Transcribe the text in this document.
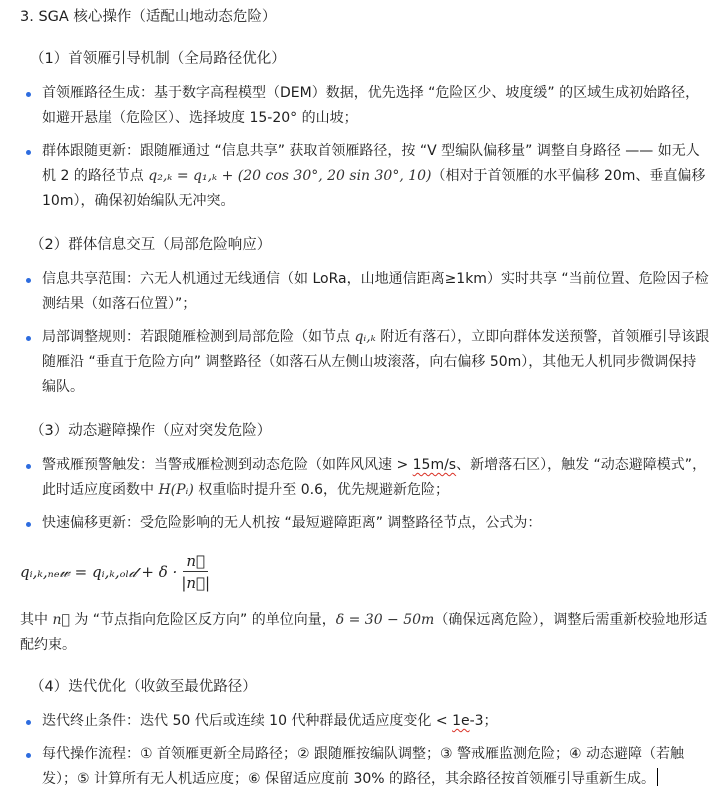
3. SGA 核心操作（适配山地动态危险）
（1）首领雁引导机制（全局路径优化）
首领雁路径生成：基于数字高程模型（DEM）数据，优先选择 “危险区少、坡度缓” 的区域生成初始路径，如避开悬崖（危险区）、选择坡度 15-20° 的山坡；
群体跟随更新：跟随雁通过 “信息共享” 获取首领雁路径，按 “V 型编队偏移量” 调整自身路径 —— 如无人机 2 的路径节点 q₂,ₖ = q₁,ₖ + (20 cos 30°, 20 sin 30°, 10)（相对于首领雁的水平偏移 20m、垂直偏移 10m），确保初始编队无冲突。
（2）群体信息交互（局部危险响应）
信息共享范围：六无人机通过无线通信（如 LoRa，山地通信距离≥1km）实时共享 “当前位置、危险因子检测结果（如落石位置）”；
局部调整规则：若跟随雁检测到局部危险（如节点 qᵢ,ₖ 附近有落石），立即向群体发送预警，首领雁引导该跟随雁沿 “垂直于危险方向” 调整路径（如落石从左侧山坡滚落，向右偏移 50m），其他无人机同步微调保持编队。
（3）动态避障操作（应对突发危险）
警戒雁预警触发：当警戒雁检测到动态危险（如阵风风速 > 15m/s、新增落石区），触发 “动态避障模式”，此时适应度函数中 H(Pᵢ) 权重临时提升至 0.6，优先规避新危险；
快速偏移更新：受危险影响的无人机按 “最短避障距离” 调整路径节点，公式为：
qᵢ,ₖ,ₙₑ𝓌 = qᵢ,ₖ,ₒₗ𝒹 + $\delta \cdot \frac{n⃗}{|n⃗|}$
其中 n⃗ 为 “节点指向危险区反方向” 的单位向量，δ = 30 − 50m（确保远离危险），调整后需重新校验地形适配约束。
（4）迭代优化（收敛至最优路径）
迭代终止条件：迭代 50 代后或连续 10 代种群最优适应度变化 < 1e-3；
每代操作流程：① 首领雁更新全局路径；② 跟随雁按编队调整；③ 警戒雁监测危险；④ 动态避障（若触发）；⑤ 计算所有无人机适应度；⑥ 保留适应度前 30% 的路径，其余路径按首领雁引导重新生成。
